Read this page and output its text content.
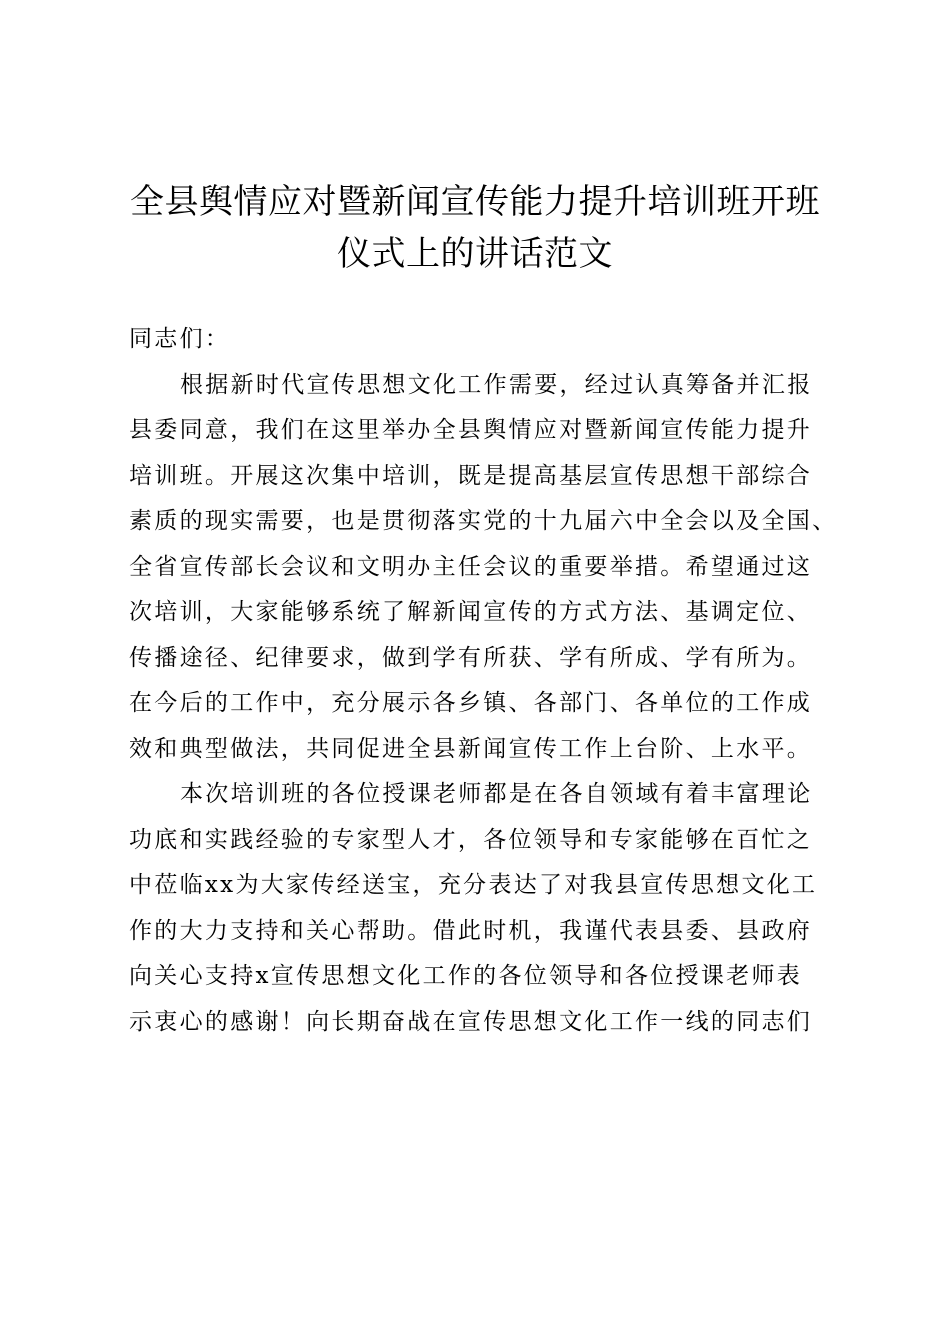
全县舆情应对暨新闻宣传能力提升培训班开班
仪式上的讲话范文

同志们：

根据新时代宣传思想文化工作需要，经过认真筹备并汇报
县委同意，我们在这里举办全县舆情应对暨新闻宣传能力提升
培训班。开展这次集中培训，既是提高基层宣传思想干部综合
素质的现实需要，也是贯彻落实党的十九届六中全会以及全国、
全省宣传部长会议和文明办主任会议的重要举措。希望通过这
次培训，大家能够系统了解新闻宣传的方式方法、基调定位、
传播途径、纪律要求，做到学有所获、学有所成、学有所为。
在今后的工作中，充分展示各乡镇、各部门、各单位的工作成
效和典型做法，共同促进全县新闻宣传工作上台阶、上水平。

本次培训班的各位授课老师都是在各自领域有着丰富理论
功底和实践经验的专家型人才，各位领导和专家能够在百忙之
中莅临xx为大家传经送宝，充分表达了对我县宣传思想文化工
作的大力支持和关心帮助。借此时机，我谨代表县委、县政府
向关心支持x宣传思想文化工作的各位领导和各位授课老师表
示衷心的感谢！向长期奋战在宣传思想文化工作一线的同志们
